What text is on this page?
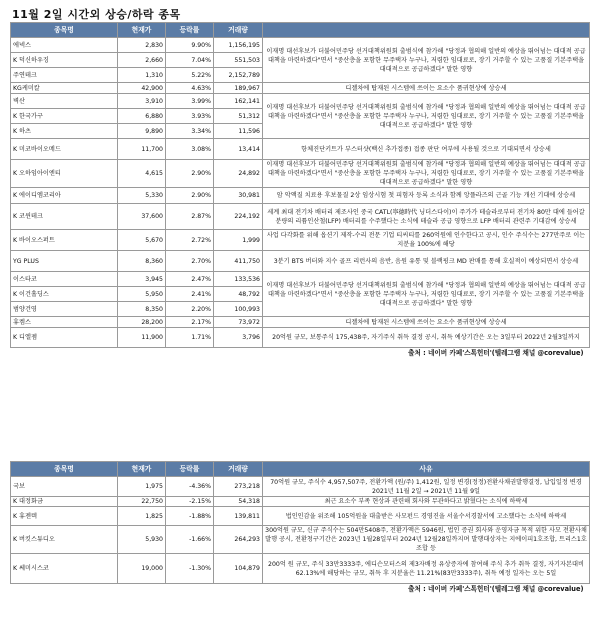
11월 2일 시간외 상승/하락 종목
종목명	현재가	등락률	거래량	
에넥스	2,830	9.90%	1,156,195	이재명 대선후보가 더불어민주당 선거대책위원회 출범식에 참가해 "당정과 협의해 일반의 예상을 뛰어넘는 대대적 공급대책을 마련하겠다"면서 "중산층을 포함한 무주택자 누구나, 저렴한 임대료로, 장기 거주할 수 있는 고품질 기본주택을 대대적으로 공급하겠다" 말한 영향
K 덕신하우징	2,660	7.04%	551,503	
주연테크	1,310	5.22%	2,152,789	
KG케미칼	42,900	4.63%	189,967	디젤차에 탑재된 시스템에 쓰이는 요소수 품귀현상에 상승세
벽산	3,910	3.99%	162,141	이재명 대선후보가 더불어민주당 선거대책위원회 출범식에 참가해 "당정과 협의해 일반의 예상을 뛰어넘는 대대적 공급대책을 마련하겠다"면서 "중산층을 포함한 무주택자 누구나, 저렴한 임대료로, 장기 거주할 수 있는 고품질 기본주택을 대대적으로 공급하겠다" 말한 영향
K 한국가구	6,880	3.93%	51,312	
K 하츠	9,890	3.34%	11,596	
K 미코바이오메드	11,700	3.08%	13,414	항체진단키트가 부스터샷(백신 추가접종) 접종 판단 여부에 사용될 것으로 기대되면서 상승세
K 오하임아이엔티	4,615	2.90%	24,892	이재명 대선후보가 더불어민주당 선거대책위원회 출범식에 참가해 "당정과 협의해 일반의 예상을 뛰어넘는 대대적 공급대책을 마련하겠다"면서 "중산층을 포함한 무주택자 누구나, 저렴한 임대료로, 장기 거주할 수 있는 고품질 기본주택을 대대적으로 공급하겠다" 말한 영향
K 에이디엠코리아	5,330	2.90%	30,981	암 악액질 치료용 후보물질 2상 임상시험 첫 피험자 등록 소식과 함께 앙플라즈의 근골 기능 개선 기대에 상승세
K 코윈테크	37,600	2.87%	224,192	세계 최대 전기차 배터리 제조사인 중국 CATL(寧德時代 닝더스다이)이 주가가 테슬라로부터 전기차 80만 대에 들어갈 분량의 리튬인산철(LFP) 배터리를 수주했다는 소식에 테슬라 공급 영향으로 LFP 배터리 관련주 기대감에 상승세
K 바이오스퍼트	5,670	2.72%	1,999	사업 다각화를 위해 옵션기 제작-수리 전문 기업 티씨티를 260억원에 인수한다고 공시, 인수 주식수는 277만주로 이는 지분율 100%에 해당
YG PLUS	8,360	2.70%	411,750	3분기 BTS 버터와 지수 골프 리런사의 음반, 음원 유통 및 블랙핑크 MD 판매를 통해 호실적이 예상되면서 상승세
이스타코	3,945	2.47%	133,536	이재명 대선후보가 더불어민주당 선거대책위원회 출범식에 참가해 "당정과 협의해 일반의 예상을 뛰어넘는 대대적 공급대책을 마련하겠다"면서 "중산층을 포함한 무주택자 누구나, 저렴한 임대료로, 장기 거주할 수 있는 고품질 기본주택을 대대적으로 공급하겠다" 말한 영향
K 이건홀딩스	5,950	2.41%	48,792	
범양건영	8,350	2.20%	100,993	
휴켐스	28,200	2.17%	73,972	디젤차에 탑재된 시스템에 쓰이는 요소수 품귀현상에 상승세
K 디엘젬	11,900	1.71%	3,796	20억원 규모, 보통주식 175,438주, 자기주식 취득 결정 공시, 취득 예상기간은 오는 3일부터 2022년 2월3일까지
출처 : 네이버 카페'스톡헌터'(텔레그램 채널 @corevalue)				
종목명	현재가	등락률	거래량	사유
국보	1,975	-4.36%	273,218	70억원 규모, 주식수 4,957,507주, 전환가액 (원/주) 1,412원, 일정 변경(정정)전환사채권발행결정, 납입일정 변경 2021년 11월 2일 → 2021년 11월 9일
K 대정화금	22,750	-2.15%	54,318	최근 요소수 부족 현상과 관련해 회사와 무관하다고 밝혔다는 소식에 하락세
K 휴젠텍	1,825	-1.88%	139,811	법인인감을 위조해 105억원을 대출받은 사모펀드 경영진을 서울수서경찰서에 고소했다는 소식에 하락세
K 버킷스튜디오	5,930	-1.66%	264,293	300억원 규모, 신규 주식수는 504만5408주, 전환가액은 5946원, 법인 증권 회사와 운영자금 목적 위한 사모 전환사채 발행 공시, 전환청구기간은 2023년 1월28일부터 2024년 12월28일까지며 발행대상자는 지에이피1호조합, 트리스1호조합 등
K 쎄미시스코	19,000	-1.30%	104,879	200억 원 규모, 주식 33만3333주, 에디슨모터스의 제3자배정 유상증자에 참여해 주식 추가 취득 결정, 자기자본대비 62.13%에 해당하는 규모, 취득 후 지분율은 11.21%(83만3333주), 취득 예정 일자는 오는 5일
출처 : 네이버 카페'스톡헌터'(텔레그램 채널 @corevalue)				
